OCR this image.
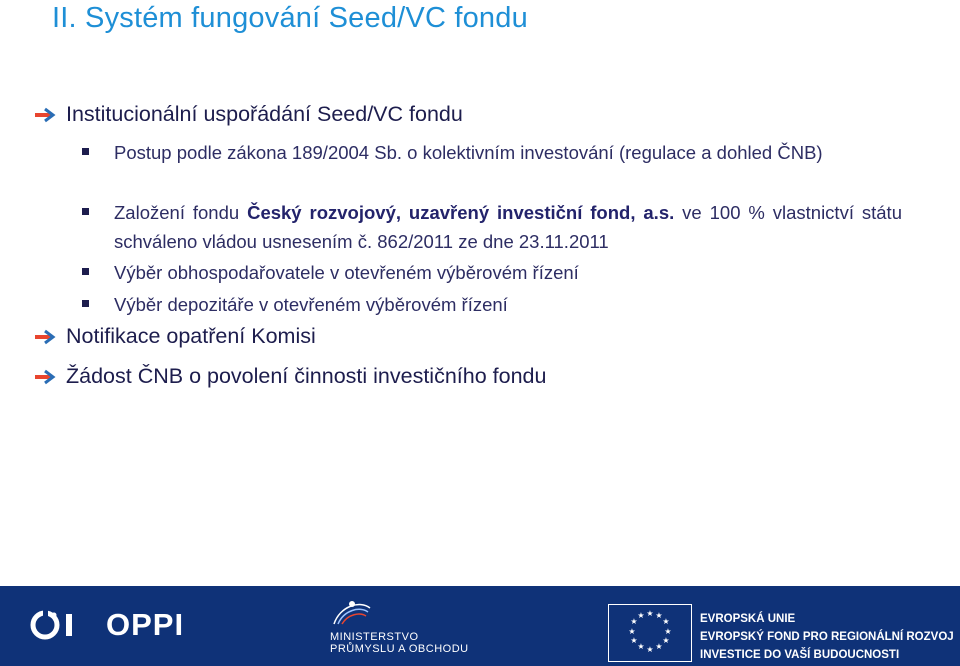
II. Systém fungování Seed/VC fondu
Institucionální uspořádání Seed/VC fondu
Postup podle zákona 189/2004 Sb. o kolektivním investování (regulace a dohled ČNB)
Založení fondu Český rozvojový, uzavřený investiční fond, a.s. ve 100 % vlastnictví státu schváleno vládou usnesením č. 862/2011 ze dne 23.11.2011
Výběr obhospodařovatele v otevřeném výběrovém řízení
Výběr depozitáře v otevřeném výběrovém řízení
Notifikace opatření Komisi
Žádost ČNB o povolení činnosti investičního fondu
OPPI	MINISTERSTVO
PRŮMYSLU A OBCHODU
★ ★
★
★
★
★
★
★
★
★
★
★	EVROPSKÁ UNIE
EVROPSKÝ FOND PRO REGIONÁLNÍ ROZVOJ
INVESTICE DO VAŠÍ BUDOUCNOSTI
